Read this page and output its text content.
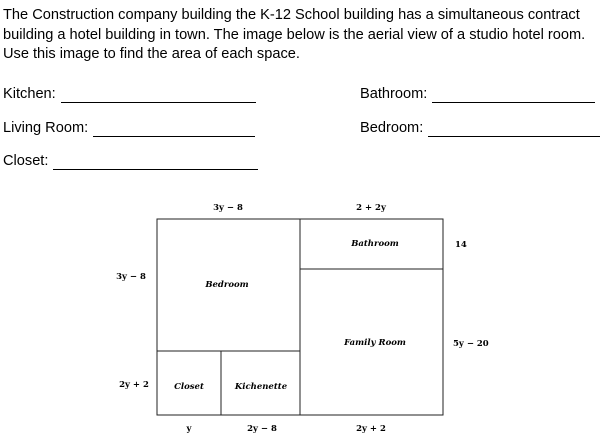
The Construction company building the K-12 School building has a simultaneous contract
building a hotel building in town. The image below is the aerial view of a studio hotel room.
Use this image to find the area of each space.
Kitchen:	Bathroom:
Living Room:	Bedroom:
Closet:
3y − 8	2 + 2y
14
5y − 20
3y − 8
2y + 2
y	2y − 8	2y + 2
Bathroom
Bedroom
Family Room
Closet	Kichenette
